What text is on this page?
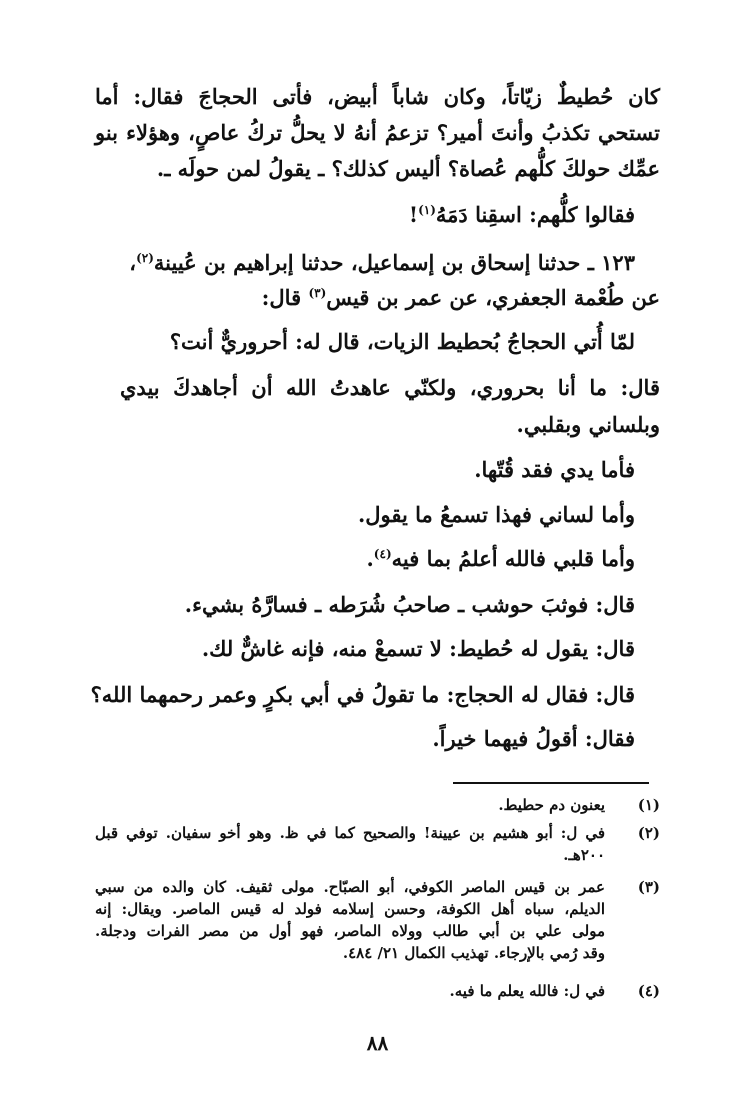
كان حُطيطٌ زيّاتاً، وكان شاباً أبيض، فأتى الحجاجَ فقال: أما
تستحي تكذبُ وأنتَ أمير؟ تزعمُ أنهُ لا يحلُّ تركُ عاصٍ، وهؤلاء بنو
عمِّك حولكَ كلُّهم عُصاة؟ أليس كذلك؟ ـ يقولُ لمن حولَه ـ.
فقالوا كلُّهم: اسقِنا دَمَهُ$^{(١)}$!
١٢٣ ـ حدثنا إسحاق بن إسماعيل، حدثنا إبراهيم بن عُيينة$^{(٢)}$،
عن طُعْمة الجعفري، عن عمر بن قيس$^{(٣)}$ قال:
لمّا أُتي الحجاجُ بُحطيط الزيات، قال له: أحروريٌّ أنت؟
قال: ما أنا بحروري، ولكنّي عاهدتُ الله أن أجاهدكَ بيدي
وبلساني وبقلبي.
فأما يدي فقد قُتّها.
وأما لساني فهذا تسمعُ ما يقول.
وأما قلبي فالله أعلمُ بما فيه$^{(٤)}$.
قال: فوثبَ حوشب ـ صاحبُ شُرَطه ـ فسارَّهُ بشيء.
قال: يقول له حُطيط: لا تسمعْ منه، فإنه غاشٌّ لك.
قال: فقال له الحجاج: ما تقولُ في أبي بكرٍ وعمر رحمهما الله؟
فقال: أقولُ فيهما خيراً.
(١)
يعنون دم حطيط.
(٢)
في ل: أبو هشيم بن عيينة! والصحيح كما في ظ. وهو أخو سفيان. توفي قبل
٢٠٠هـ.
(٣)
عمر بن قيس الماصر الكوفي، أبو الصبّاح. مولى ثقيف. كان والده من سبي
الديلم، سباه أهل الكوفة، وحسن إسلامه فولد له قيس الماصر. ويقال: إنه
مولى علي بن أبي طالب وولاه الماصر، فهو أول من مصر الفرات ودجلة.
وقد رُمي بالإرجاء. تهذيب الكمال ٢١/ ٤٨٤.
(٤)
في ل: فالله يعلم ما فيه.
٨٨
